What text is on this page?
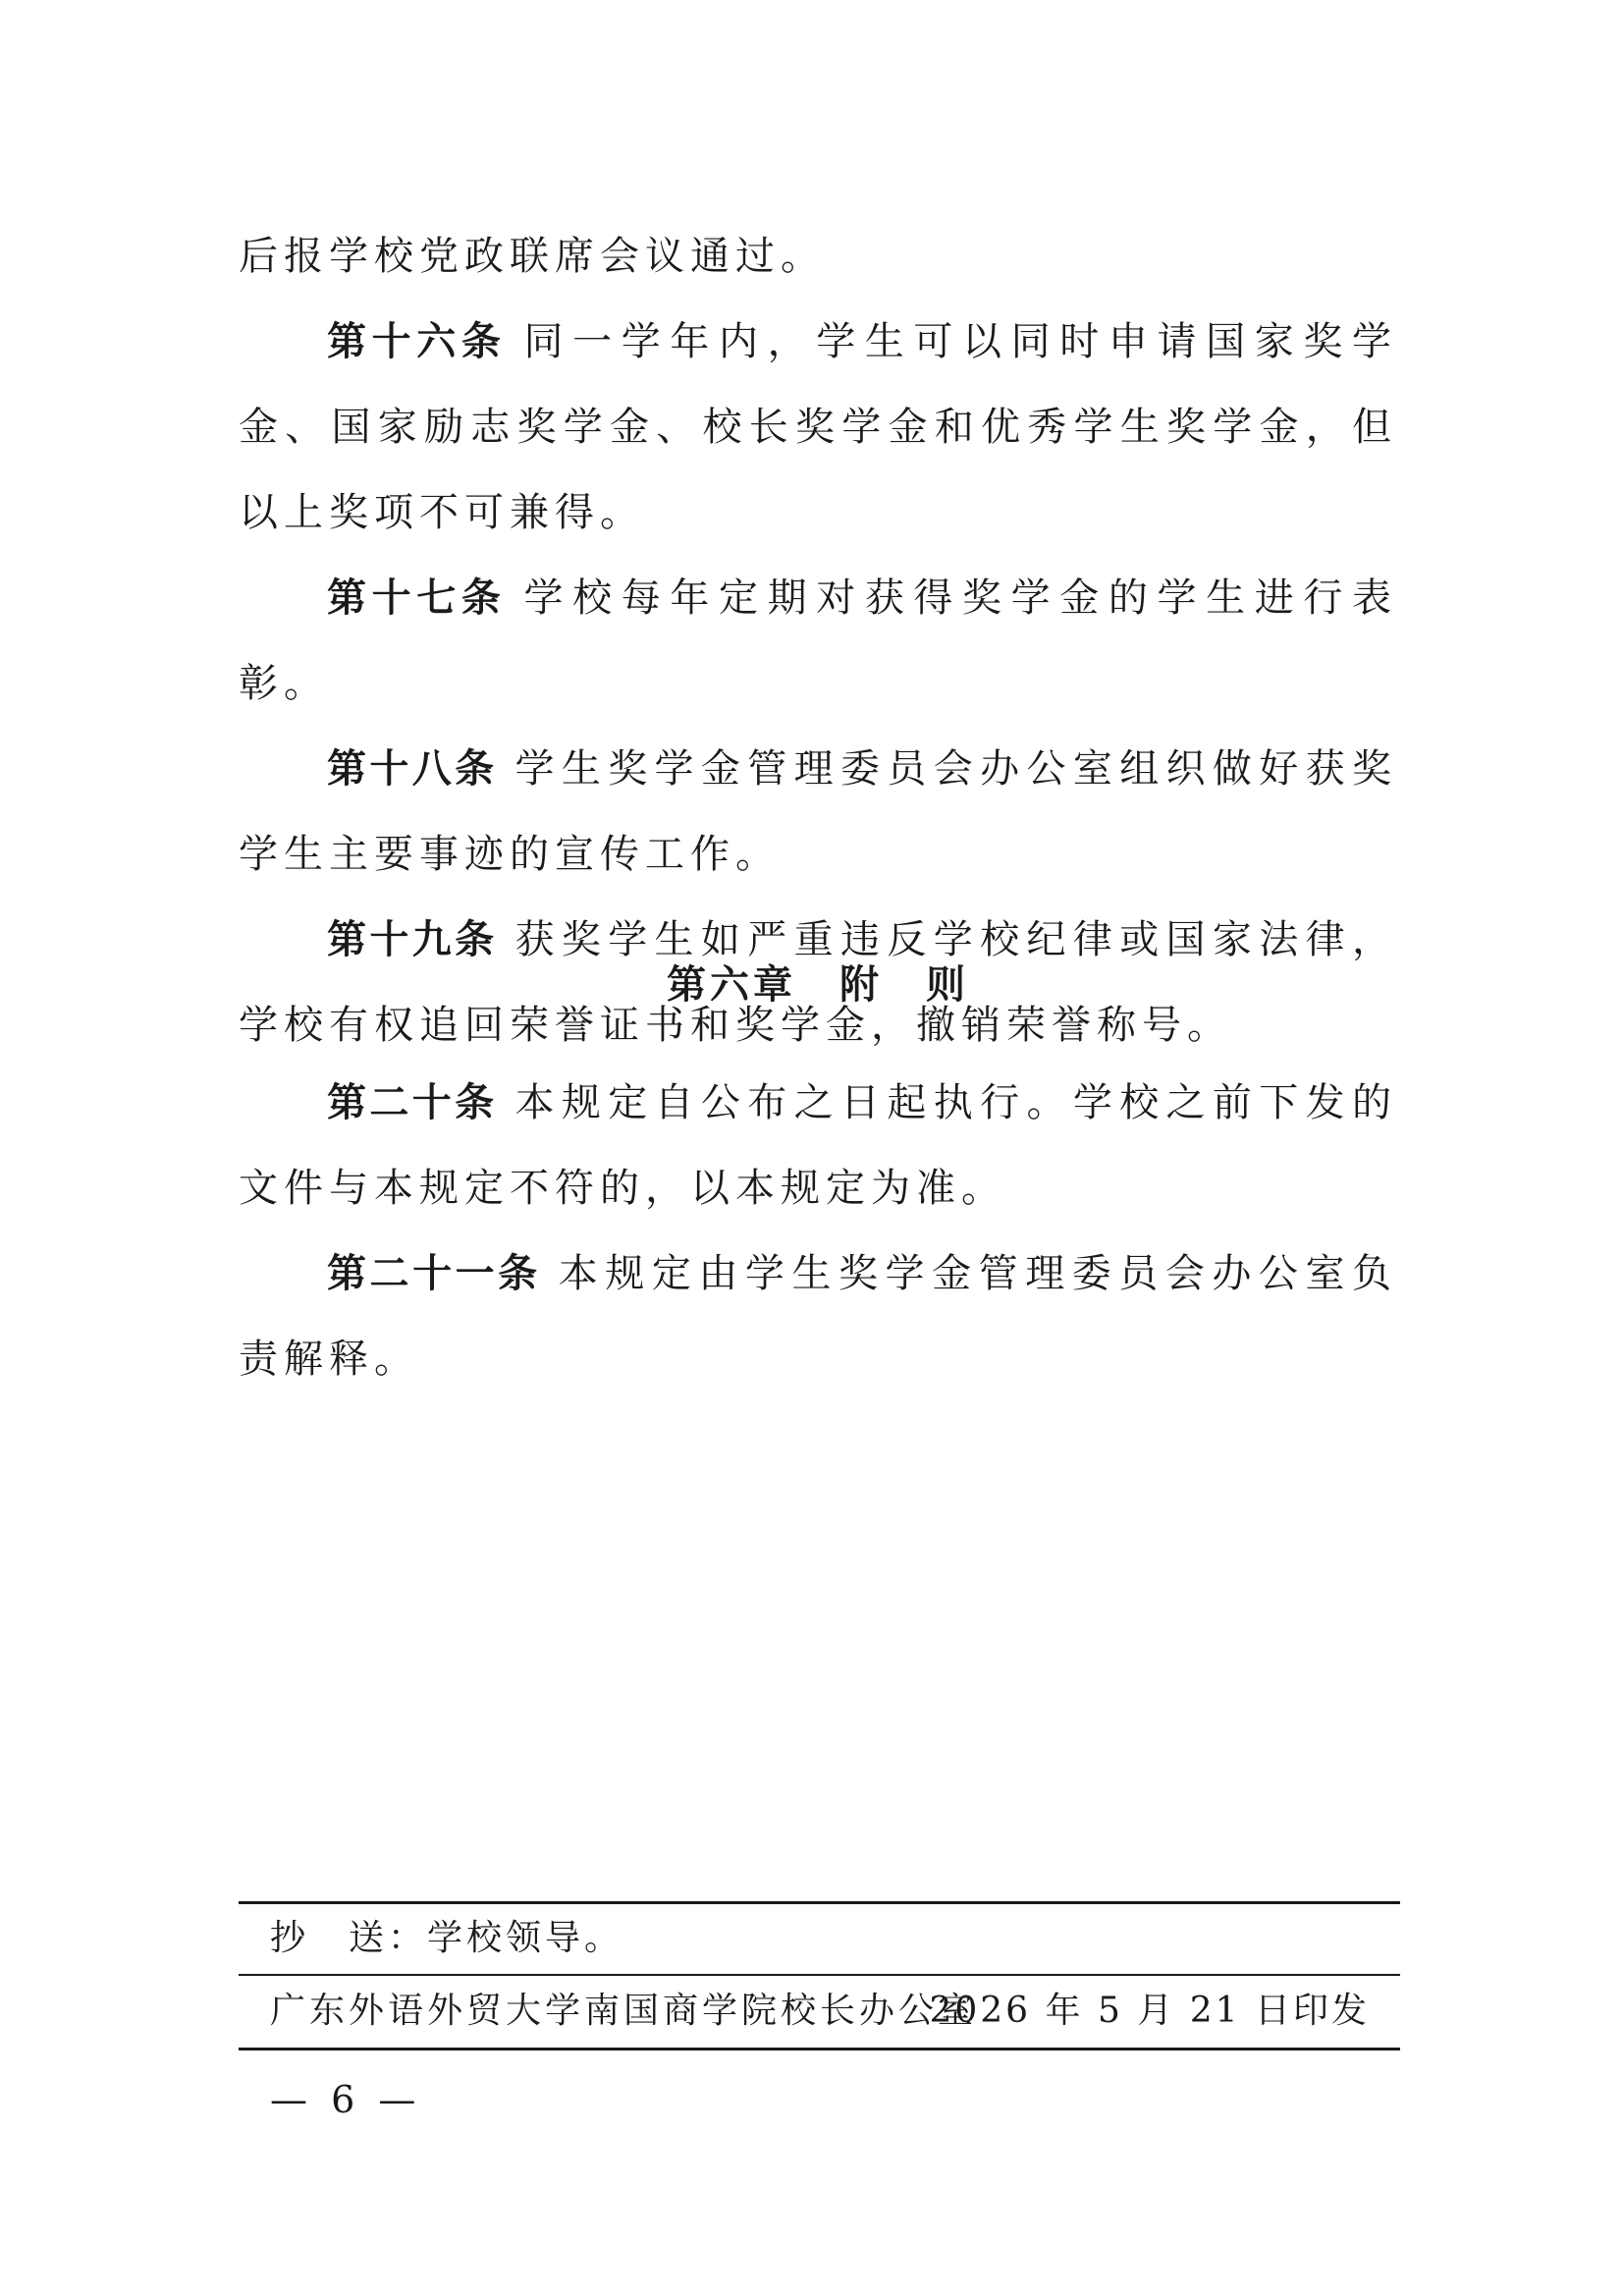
后报学校党政联席会议通过。

第十六条 同一学年内，学生可以同时申请国家奖学金、国家励志奖学金、校长奖学金和优秀学生奖学金，但以上奖项不可兼得。

第十七条 学校每年定期对获得奖学金的学生进行表彰。

第十八条 学生奖学金管理委员会办公室组织做好获奖学生主要事迹的宣传工作。

第十九条 获奖学生如严重违反学校纪律或国家法律，学校有权追回荣誉证书和奖学金，撤销荣誉称号。

第六章　附　则

第二十条 本规定自公布之日起执行。学校之前下发的文件与本规定不符的，以本规定为准。

第二十一条 本规定由学生奖学金管理委员会办公室负责解释。

抄　送：学校领导。
广东外语外贸大学南国商学院校长办公室
2026 年 5 月 21 日印发
— 6 —
